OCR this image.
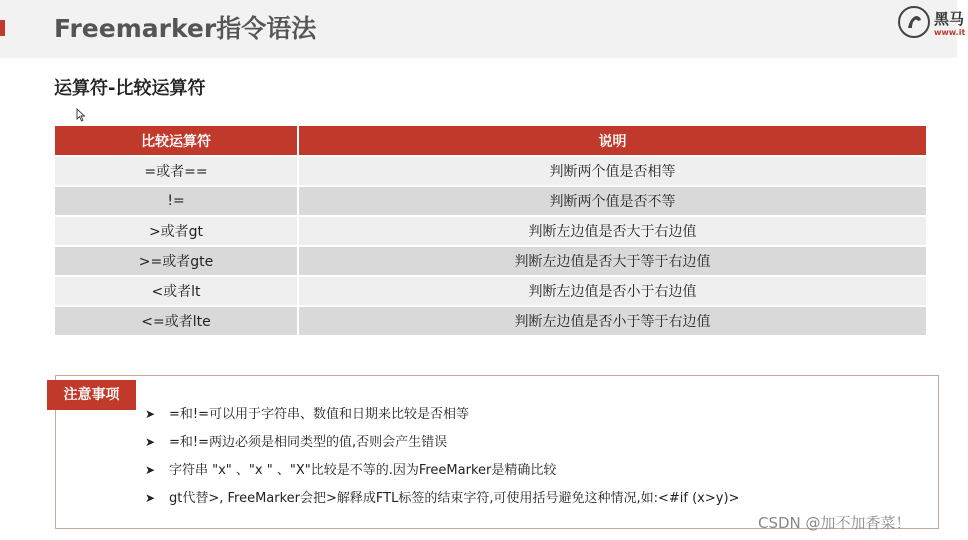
Freemarker指令语法	黑马
www.it
运算符-比较运算符
比较运算符	说明
=或者==	判断两个值是否相等
!=	判断两个值是否不等
>或者gt	判断左边值是否大于右边值
>=或者gte	判断左边值是否大于等于右边值
<或者lt	判断左边值是否小于右边值
<=或者lte	判断左边值是否小于等于右边值
注意事项
➤ =和!=可以用于字符串、数值和日期来比较是否相等
➤ =和!=两边必须是相同类型的值,否则会产生错误
➤ 字符串 "x" 、"x " 、"X"比较是不等的.因为FreeMarker是精确比较
➤ gt代替>, FreeMarker会把>解释成FTL标签的结束字符,可使用括号避免这种情况,如:<#if (x>y)>
CSDN @加不加香菜！
